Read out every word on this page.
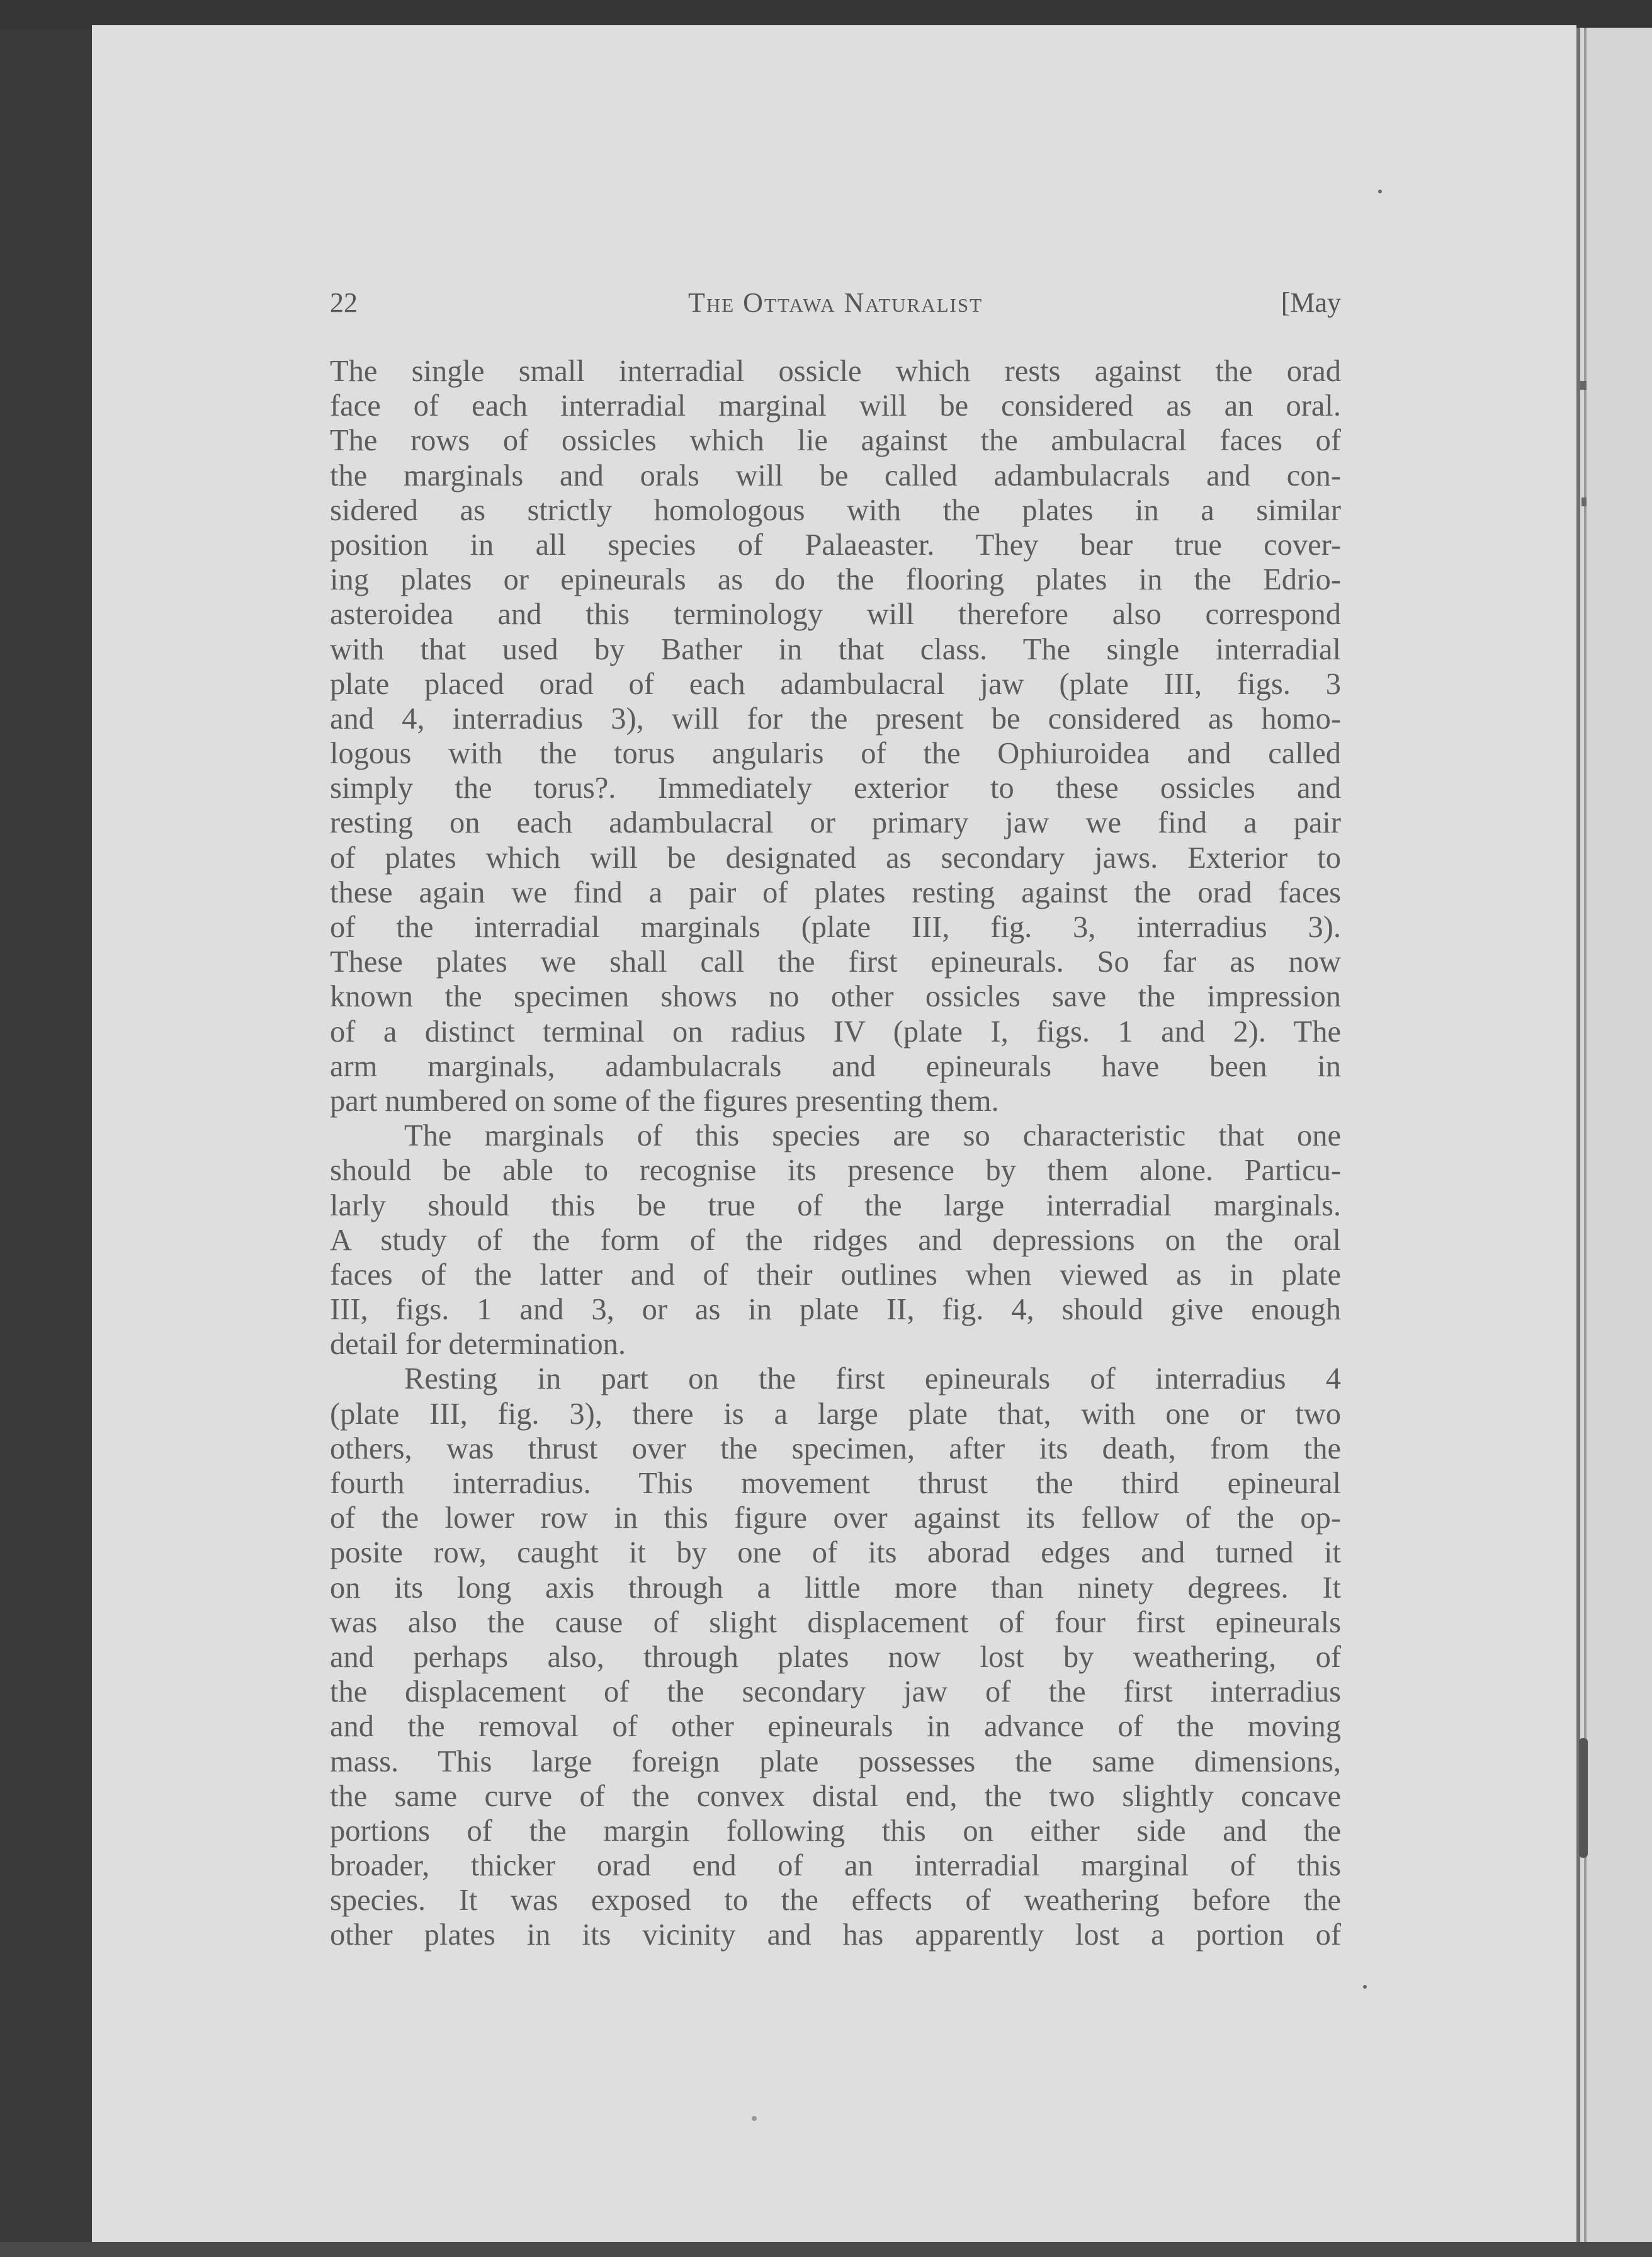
22	The Ottawa Naturalist	[May
The single small interradial ossicle which rests against the orad
face of each interradial marginal will be considered as an oral.
The rows of ossicles which lie against the ambulacral faces of
the marginals and orals will be called adambulacrals and con-
sidered as strictly homologous with the plates in a similar
position in all species of Palaeaster. They bear true cover-
ing plates or epineurals as do the flooring plates in the Edrio-
asteroidea and this terminology will therefore also correspond
with that used by Bather in that class. The single interradial
plate placed orad of each adambulacral jaw (plate III, figs. 3
and 4, interradius 3), will for the present be considered as homo-
logous with the torus angularis of the Ophiuroidea and called
simply the torus?. Immediately exterior to these ossicles and
resting on each adambulacral or primary jaw we find a pair
of plates which will be designated as secondary jaws. Exterior to
these again we find a pair of plates resting against the orad faces
of the interradial marginals (plate III, fig. 3, interradius 3).
These plates we shall call the first epineurals. So far as now
known the specimen shows no other ossicles save the impression
of a distinct terminal on radius IV (plate I, figs. 1 and 2). The
arm marginals, adambulacrals and epineurals have been in
part numbered on some of the figures presenting them.
The marginals of this species are so characteristic that one
should be able to recognise its presence by them alone. Particu-
larly should this be true of the large interradial marginals.
A study of the form of the ridges and depressions on the oral
faces of the latter and of their outlines when viewed as in plate
III, figs. 1 and 3, or as in plate II, fig. 4, should give enough
detail for determination.
Resting in part on the first epineurals of interradius 4
(plate III, fig. 3), there is a large plate that, with one or two
others, was thrust over the specimen, after its death, from the
fourth interradius. This movement thrust the third epineural
of the lower row in this figure over against its fellow of the op-
posite row, caught it by one of its aborad edges and turned it
on its long axis through a little more than ninety degrees. It
was also the cause of slight displacement of four first epineurals
and perhaps also, through plates now lost by weathering, of
the displacement of the secondary jaw of the first interradius
and the removal of other epineurals in advance of the moving
mass. This large foreign plate possesses the same dimensions,
the same curve of the convex distal end, the two slightly concave
portions of the margin following this on either side and the
broader, thicker orad end of an interradial marginal of this
species. It was exposed to the effects of weathering before the
other plates in its vicinity and has apparently lost a portion of
